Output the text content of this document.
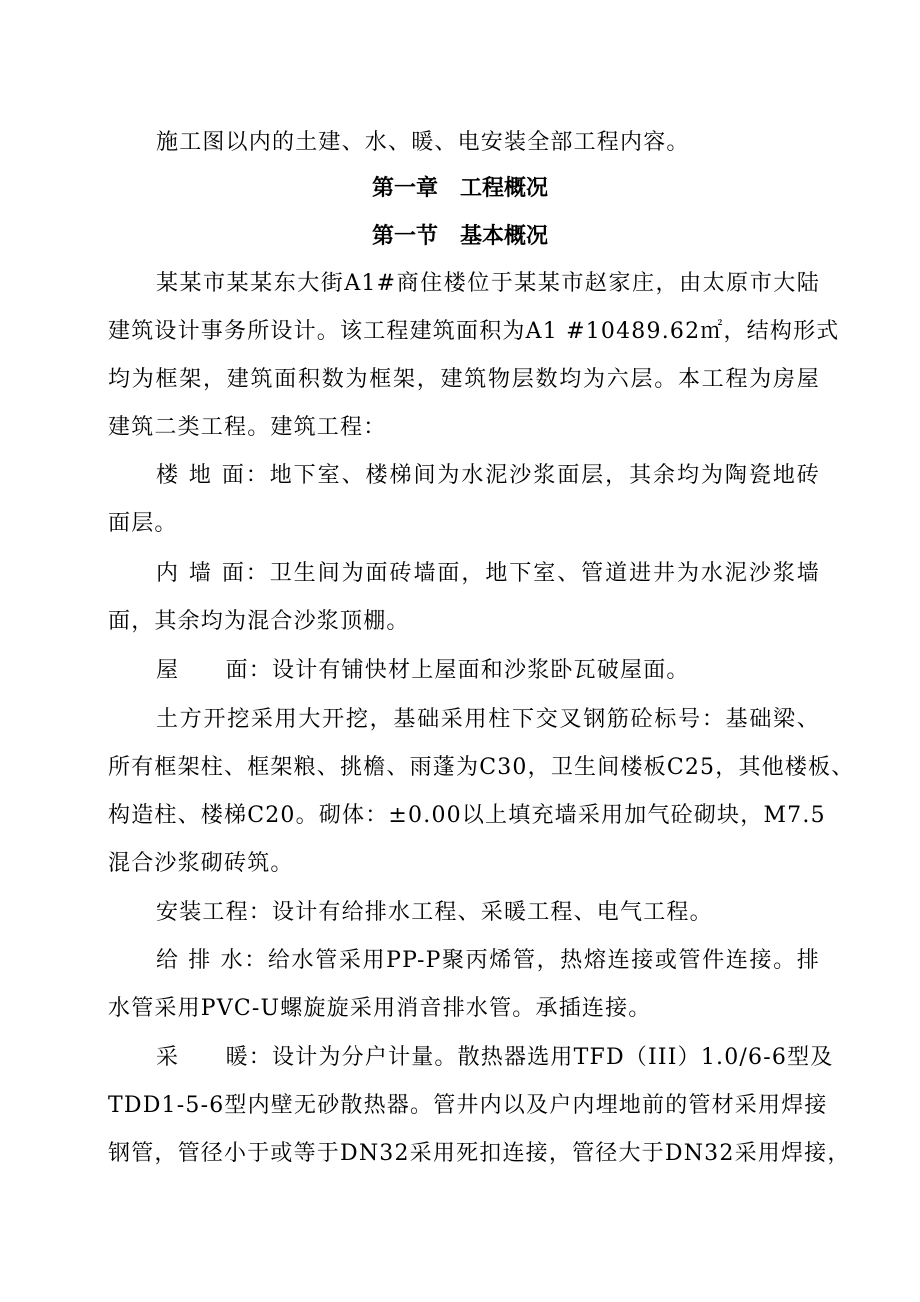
施工图以内的土建、水、暖、电安装全部工程内容。
第一章　工程概况
第一节　基本概况
某某市某某东大街A1#商住楼位于某某市赵家庄，由太原市大陆
建筑设计事务所设计。该工程建筑面积为A1 #10489.62㎡，结构形式
均为框架，建筑面积数为框架，建筑物层数均为六层。本工程为房屋
建筑二类工程。建筑工程：
楼 地 面：地下室、楼梯间为水泥沙浆面层，其余均为陶瓷地砖
面层。
内 墙 面：卫生间为面砖墙面，地下室、管道进井为水泥沙浆墙
面，其余均为混合沙浆顶棚。
屋　　面：设计有铺快材上屋面和沙浆卧瓦破屋面。
土方开挖采用大开挖，基础采用柱下交叉钢筋砼标号：基础梁、
所有框架柱、框架粮、挑檐、雨蓬为C30，卫生间楼板C25，其他楼板、
构造柱、楼梯C20。砌体：±0.00以上填充墙采用加气砼砌块，M7.5
混合沙浆砌砖筑。
安装工程：设计有给排水工程、采暖工程、电气工程。
给 排 水：给水管采用PP-P聚丙烯管，热熔连接或管件连接。排
水管采用PVC-U螺旋旋采用消音排水管。承插连接。
采　　暖：设计为分户计量。散热器选用TFD（III）1.0/6-6型及
TDD1-5-6型内壁无砂散热器。管井内以及户内埋地前的管材采用焊接
钢管，管径小于或等于DN32采用死扣连接，管径大于DN32采用焊接，
